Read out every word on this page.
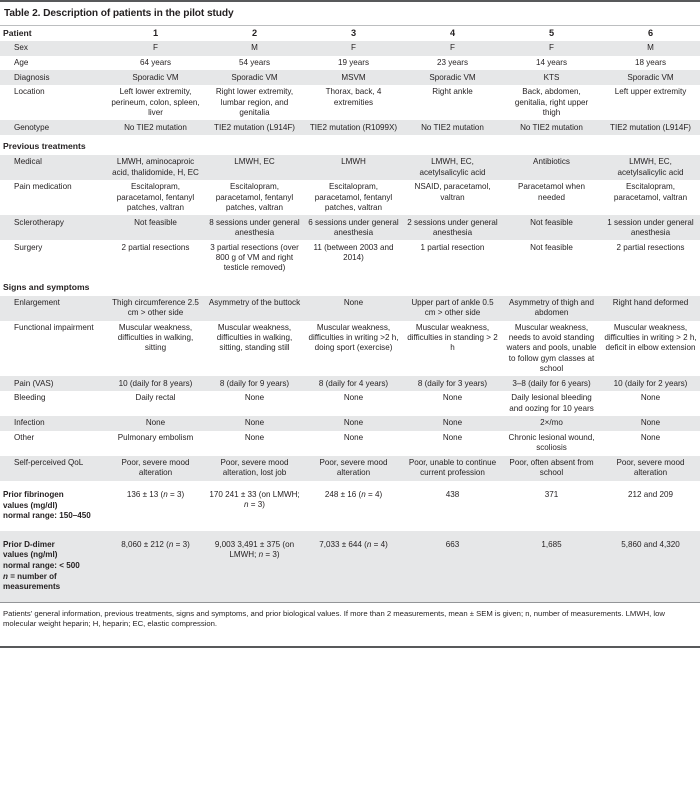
Table 2. Description of patients in the pilot study
Patient	1	2	3	4	5	6
Sex	F	M	F	F	F	M
Age	64 years	54 years	19 years	23 years	14 years	18 years
Diagnosis	Sporadic VM	Sporadic VM	MSVM	Sporadic VM	KTS	Sporadic VM
Location	Left lower extremity, perineum, colon, spleen, liver	Right lower extremity, lumbar region, and genitalia	Thorax, back, 4 extremities	Right ankle	Back, abdomen, genitalia, right upper thigh	Left upper extremity
Genotype	No TIE2 mutation	TIE2 mutation (L914F)	TIE2 mutation (R1099X)	No TIE2 mutation	No TIE2 mutation	TIE2 mutation (L914F)
Previous treatments						
Medical	LMWH, aminocaproic acid, thalidomide, H, EC	LMWH, EC	LMWH	LMWH, EC, acetylsalicylic acid	Antibiotics	LMWH, EC, acetylsalicylic acid
Pain medication	Escitalopram, paracetamol, fentanyl patches, valtran	Escitalopram, paracetamol, fentanyl patches, valtran	Escitalopram, paracetamol, fentanyl patches, valtran	NSAID, paracetamol, valtran	Paracetamol when needed	Escitalopram, paracetamol, valtran
Sclerotherapy	Not feasible	8 sessions under general anesthesia	6 sessions under general anesthesia	2 sessions under general anesthesia	Not feasible	1 session under general anesthesia
Surgery	2 partial resections	3 partial resections (over 800 g of VM and right testicle removed)	11 (between 2003 and 2014)	1 partial resection	Not feasible	2 partial resections
Signs and symptoms						
Enlargement	Thigh circumference 2.5 cm > other side	Asymmetry of the buttock	None	Upper part of ankle 0.5 cm > other side	Asymmetry of thigh and abdomen	Right hand deformed
Functional impairment	Muscular weakness, difficulties in walking, sitting	Muscular weakness, difficulties in walking, sitting, standing still	Muscular weakness, difficulties in writing >2 h, doing sport (exercise)	Muscular weakness, difficulties in standing > 2 h	Muscular weakness, needs to avoid standing waters and pools, unable to follow gym classes at school	Muscular weakness, difficulties in writing > 2 h, deficit in elbow extension
Pain (VAS)	10 (daily for 8 years)	8 (daily for 9 years)	8 (daily for 4 years)	8 (daily for 3 years)	3–8 (daily for 6 years)	10 (daily for 2 years)
Bleeding	Daily rectal	None	None	None	Daily lesional bleeding and oozing for 10 years	None
Infection	None	None	None	None	2×/mo	None
Other	Pulmonary embolism	None	None	None	Chronic lesional wound, scoliosis	None
Self-perceived QoL	Poor, severe mood alteration	Poor, severe mood alteration, lost job	Poor, severe mood alteration	Poor, unable to continue current profession	Poor, often absent from school	Poor, severe mood alteration

Prior fibrinogen
values (mg/dl)
normal range: 150–450	136 ± 13 (n = 3)	170 241 ± 33 (on LMWH; n = 3)	248 ± 16 (n = 4)	438	371	212 and 209

Prior D-dimer
values (ng/ml)
normal range: < 500
n = number of measurements	8,060 ± 212 (n = 3)	9,003 3,491 ± 375 (on LMWH; n = 3)	7,033 ± 644 (n = 4)	663	1,685	5,860 and 4,320
Patients’ general information, previous treatments, signs and symptoms, and prior biological values. If more than 2 measurements, mean ± SEM is given; n, number of measurements. LMWH, low molecular weight heparin; H, heparin; EC, elastic compression.
